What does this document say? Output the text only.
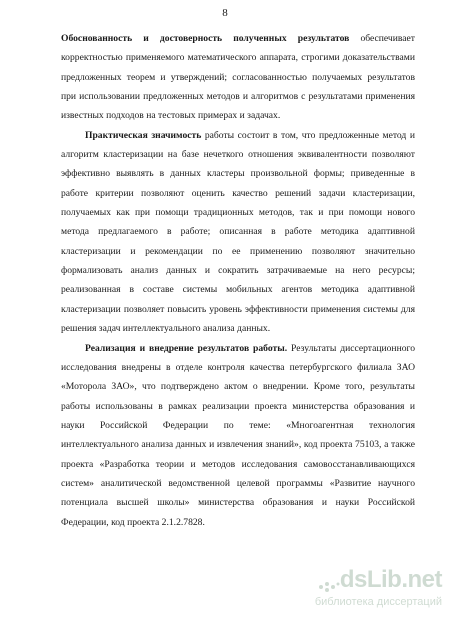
8

Обоснованность и достоверность полученных результатов обеспечивает корректностью применяемого математического аппарата, строгими доказательствами предложенных теорем и утверждений; согласованностью получаемых результатов при использовании предложенных методов и алгоритмов с результатами применения известных подходов на тестовых примерах и задачах.

Практическая значимость работы состоит в том, что предложенные метод и алгоритм кластеризации на базе нечеткого отношения эквивалентности позволяют эффективно выявлять в данных кластеры произвольной формы; приведенные в работе критерии позволяют оценить качество решений задачи кластеризации, получаемых как при помощи традиционных методов, так и при помощи нового метода предлагаемого в работе; описанная в работе методика адаптивной кластеризации и рекомендации по ее применению позволяют значительно формализовать анализ данных и сократить затрачиваемые на него ресурсы; реализованная в составе системы мобильных агентов методика адаптивной кластеризации позволяет повысить уровень эффективности применения системы для решения задач интеллектуального анализа данных.

Реализация и внедрение результатов работы. Результаты диссертационного исследования внедрены в отделе контроля качества петербургского филиала ЗАО «Моторола ЗАО», что подтверждено актом о внедрении. Кроме того, результаты работы использованы в рамках реализации проекта министерства образования и науки Российской Федерации по теме: «Многоагентная технология интеллектуального анализа данных и извлечения знаний», код проекта 75103, а также проекта «Разработка теории и методов исследования самовосстанавливающихся систем» аналитической ведомственной целевой программы «Развитие научного потенциала высшей школы» министерства образования и науки Российской Федерации, код проекта 2.1.2.7828.

dsLib.net
библиотека диссертаций
